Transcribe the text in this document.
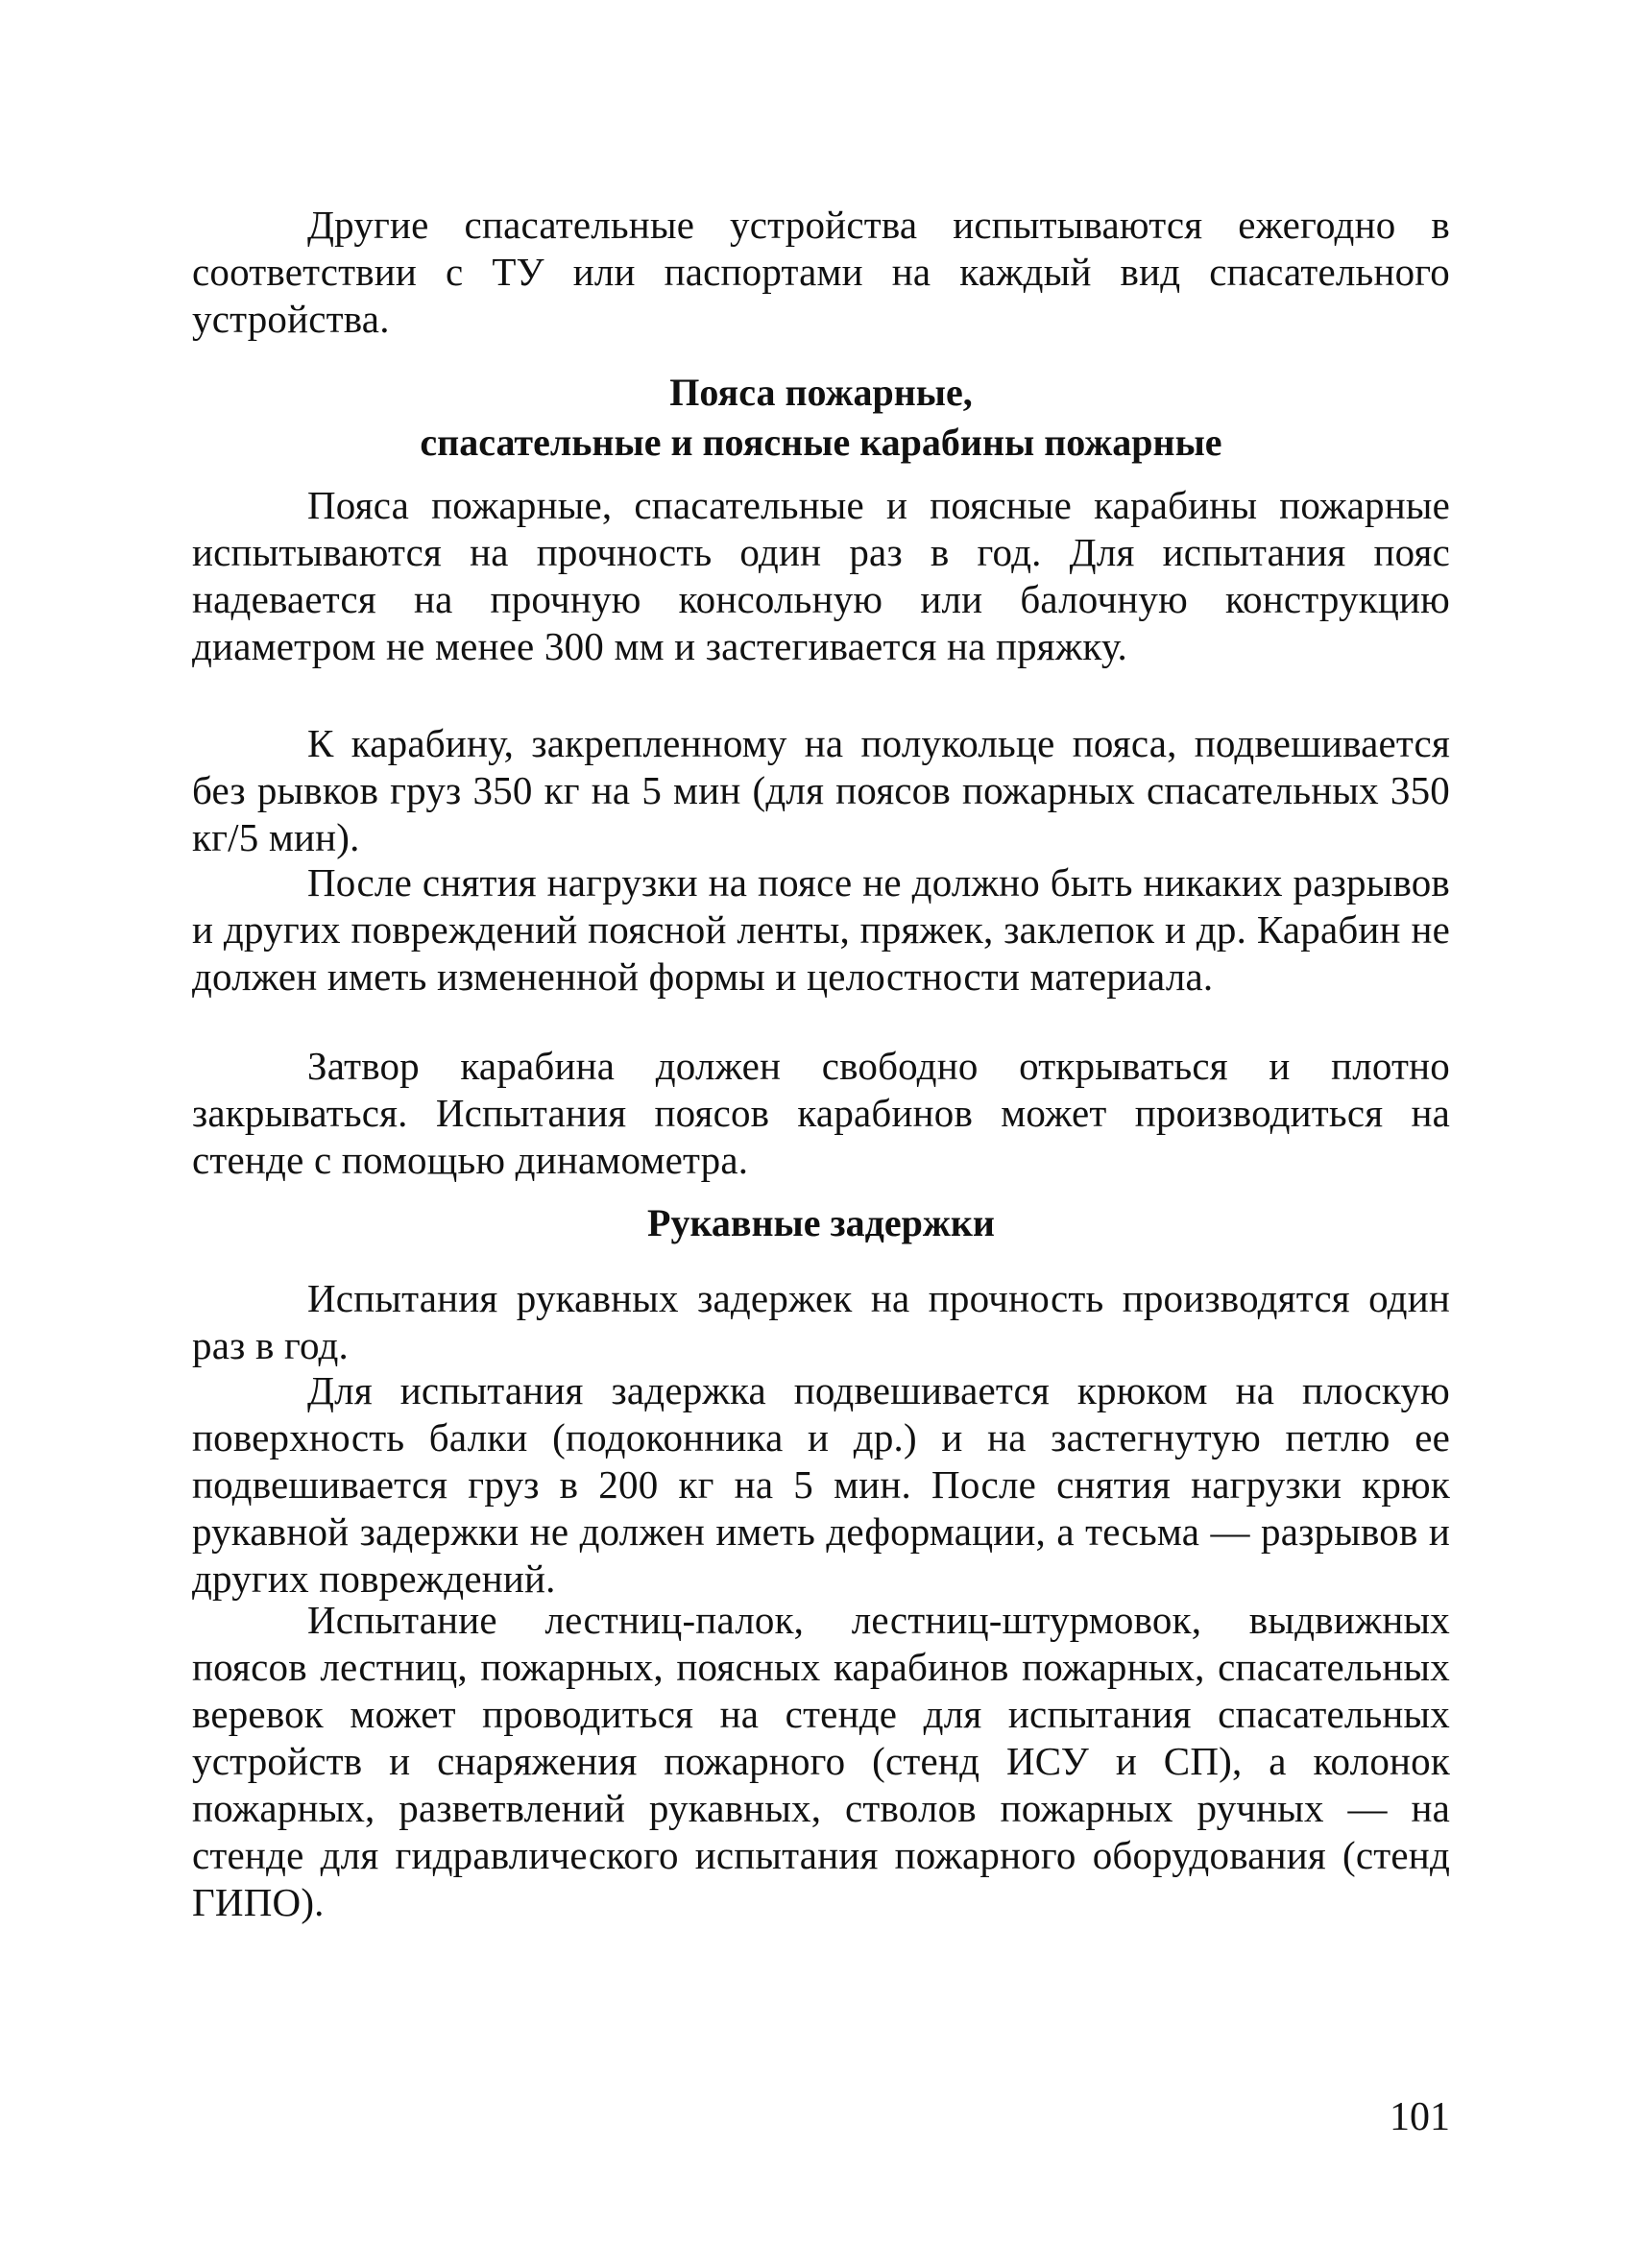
Другие спасательные устройства испытываются ежегодно в соответствии с ТУ или паспортами на каждый вид спасательного устройства.

Пояса пожарные,
спасательные и поясные карабины пожарные

Пояса пожарные, спасательные и поясные карабины пожарные испытываются на прочность один раз в год. Для испытания пояс надевается на прочную консольную или балочную конструкцию диаметром не менее 300 мм и застегивается на пряжку.

К карабину, закрепленному на полукольце пояса, подвешивается без рывков груз 350 кг на 5 мин (для поясов пожарных спасательных 350 кг/5 мин).

После снятия нагрузки на поясе не должно быть никаких разрывов и других повреждений поясной ленты, пряжек, заклепок и др. Карабин не должен иметь измененной формы и целостности материала.

Затвор карабина должен свободно открываться и плотно закрываться. Испытания поясов карабинов может производиться на стенде с помощью динамометра.

Рукавные задержки

Испытания рукавных задержек на прочность производятся один раз в год.

Для испытания задержка подвешивается крюком на плоскую поверхность балки (подоконника и др.) и на застегнутую петлю ее подвешивается груз в 200 кг на 5 мин. После снятия нагрузки крюк рукавной задержки не должен иметь деформации, а тесьма — разрывов и других повреждений.

Испытание лестниц-палок, лестниц-штурмовок, выдвижных поясов лестниц, пожарных, поясных карабинов пожарных, спасательных веревок может проводиться на стенде для испытания спасательных устройств и снаряжения пожарного (стенд ИСУ и СП), а колонок пожарных, разветвлений рукавных, стволов пожарных ручных — на стенде для гидравлического испытания пожарного оборудования (стенд ГИПО).

101
